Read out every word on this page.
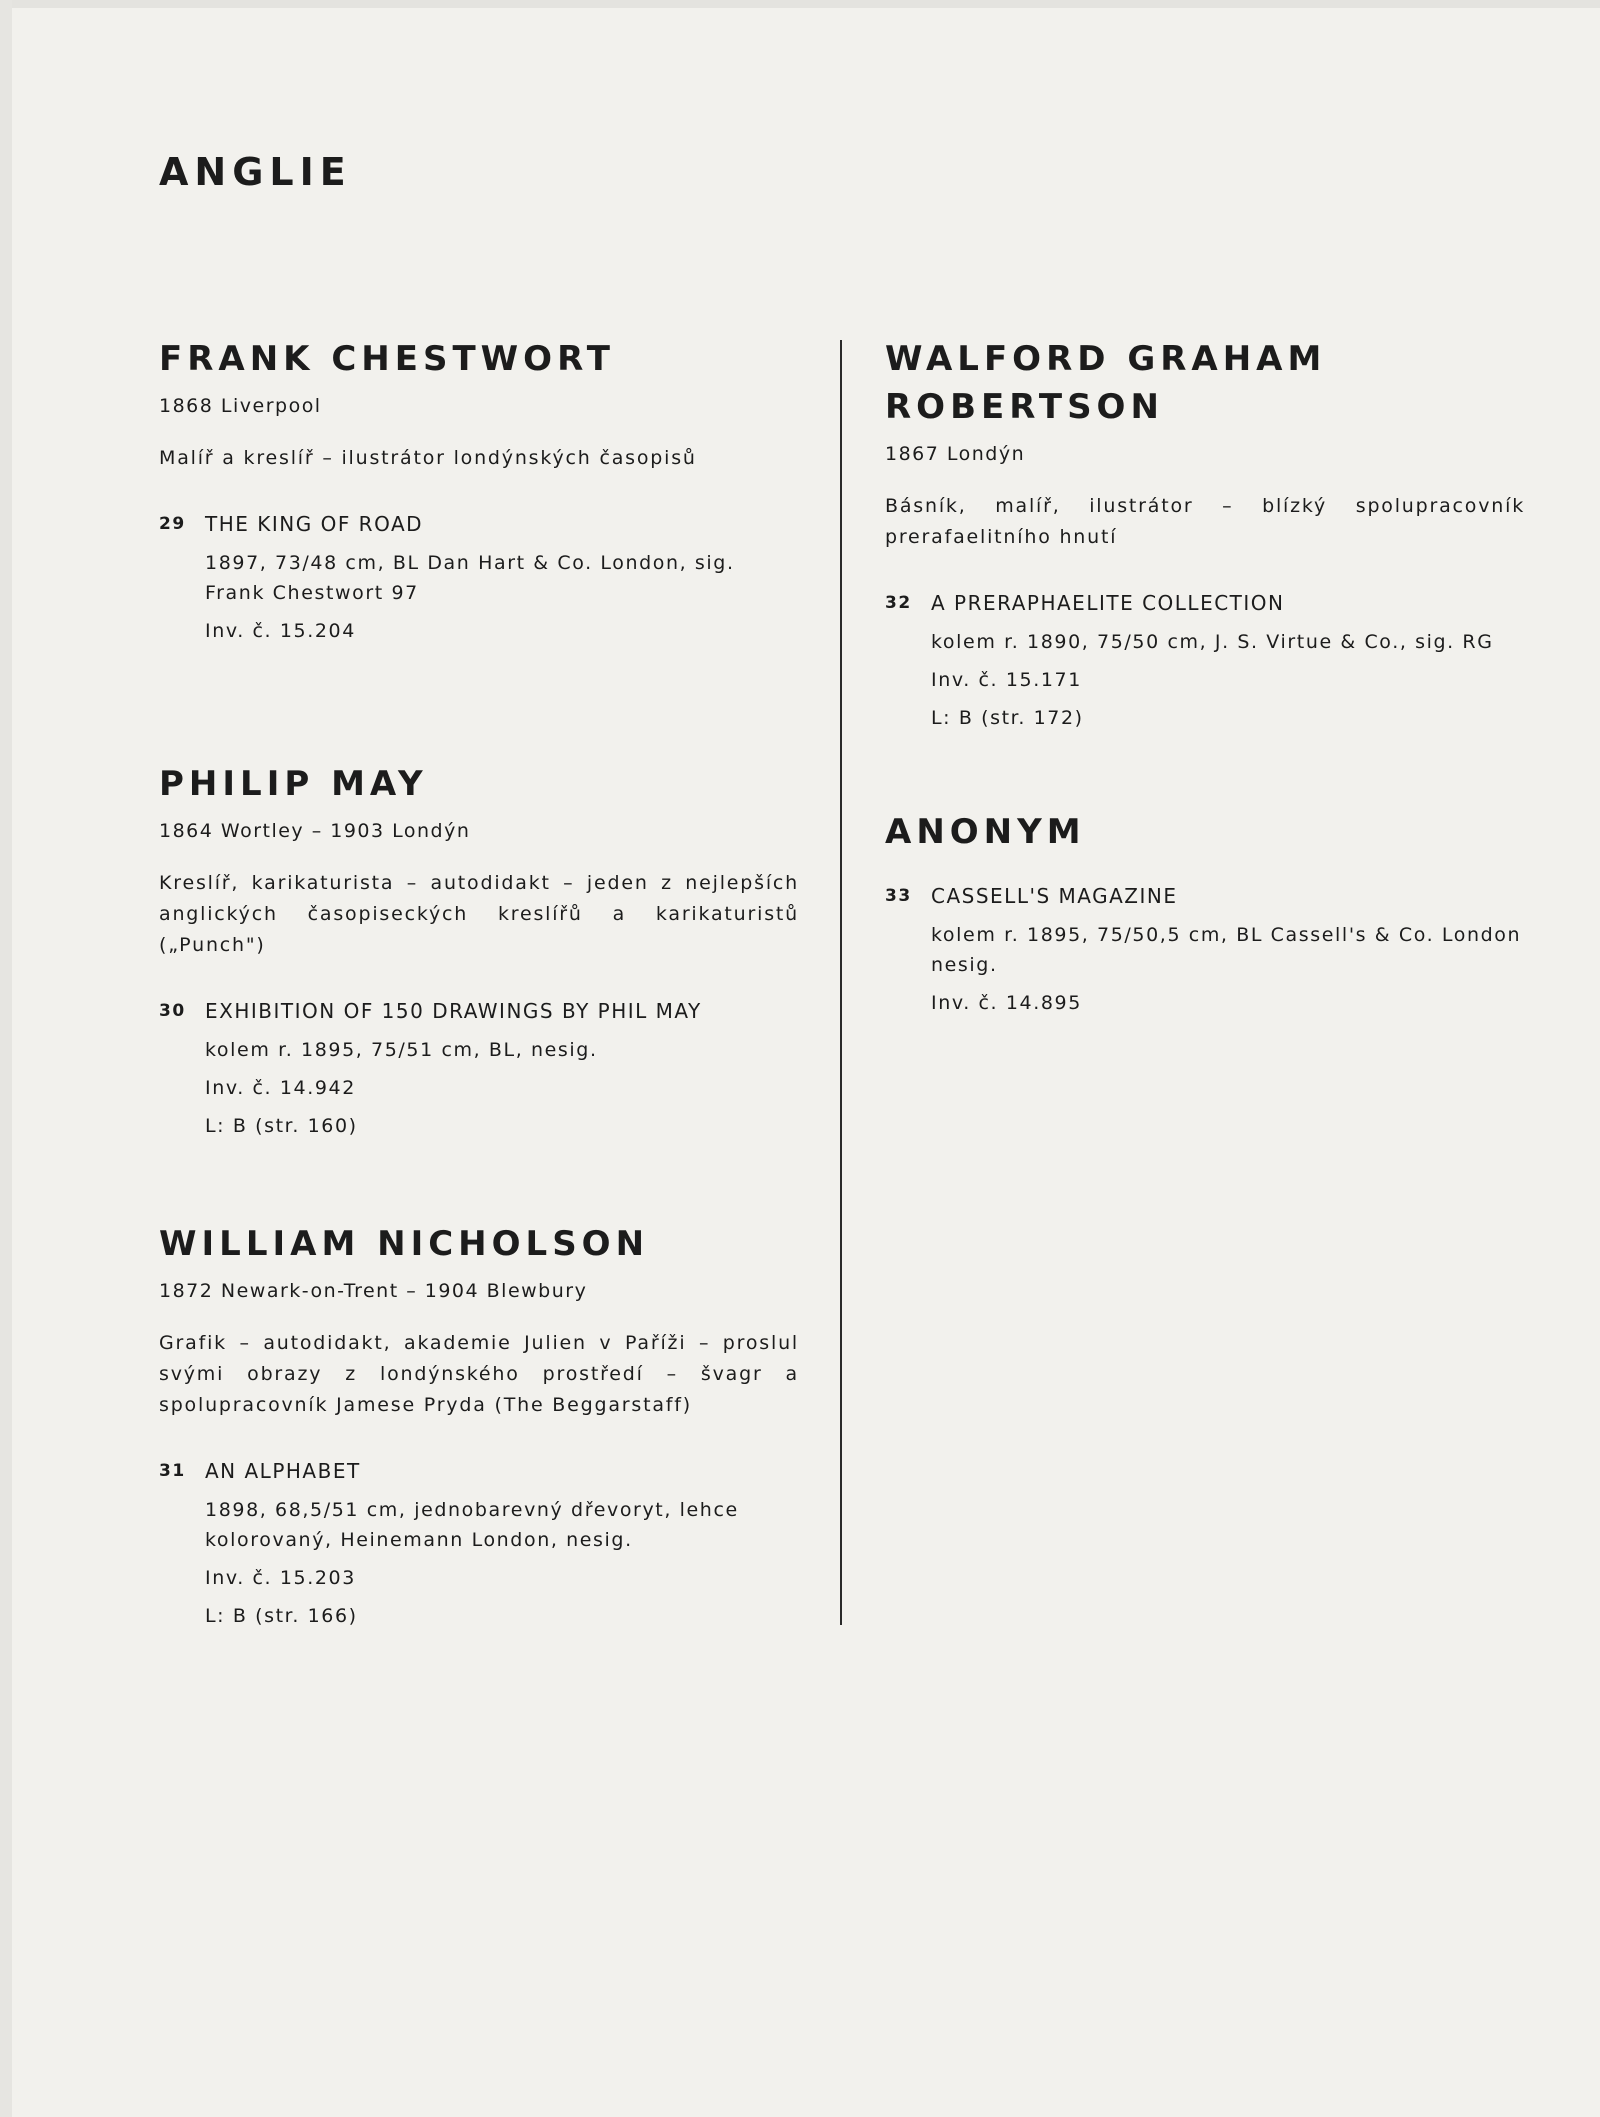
ANGLIE
FRANK CHESTWORT
1868 Liverpool
Malíř a kreslíř – ilustrátor londýnských časopisů
29 THE KING OF ROAD
1897, 73/48 cm, BL Dan Hart & Co. London, sig. Frank Chestwort 97
Inv. č. 15.204
PHILIP MAY
1864 Wortley – 1903 Londýn
Kreslíř, karikaturista – autodidakt – jeden z nejlepších anglických časopiseckých kreslířů a karikaturistů („Punch")
30 EXHIBITION OF 150 DRAWINGS BY PHIL MAY
kolem r. 1895, 75/51 cm, BL, nesig.
Inv. č. 14.942
L: B (str. 160)
WILLIAM NICHOLSON
1872 Newark-on-Trent – 1904 Blewbury
Grafik – autodidakt, akademie Julien v Paříži – proslul svými obrazy z londýnského prostředí – švagr a spolupracovník Jamese Pryda (The Beggarstaff)
31 AN ALPHABET
1898, 68,5/51 cm, jednobarevný dřevoryt, lehce kolorovaný, Heinemann London, nesig.
Inv. č. 15.203
L: B (str. 166)
WALFORD GRAHAM ROBERTSON
1867 Londýn
Básník, malíř, ilustrátor – blízký spolupracovník prerafaelitního hnutí
32 A PRERAPHAELITE COLLECTION
kolem r. 1890, 75/50 cm, J. S. Virtue & Co., sig. RG
Inv. č. 15.171
L: B (str. 172)
ANONYM
33 CASSELL'S MAGAZINE
kolem r. 1895, 75/50,5 cm, BL Cassell's & Co. London nesig.
Inv. č. 14.895
